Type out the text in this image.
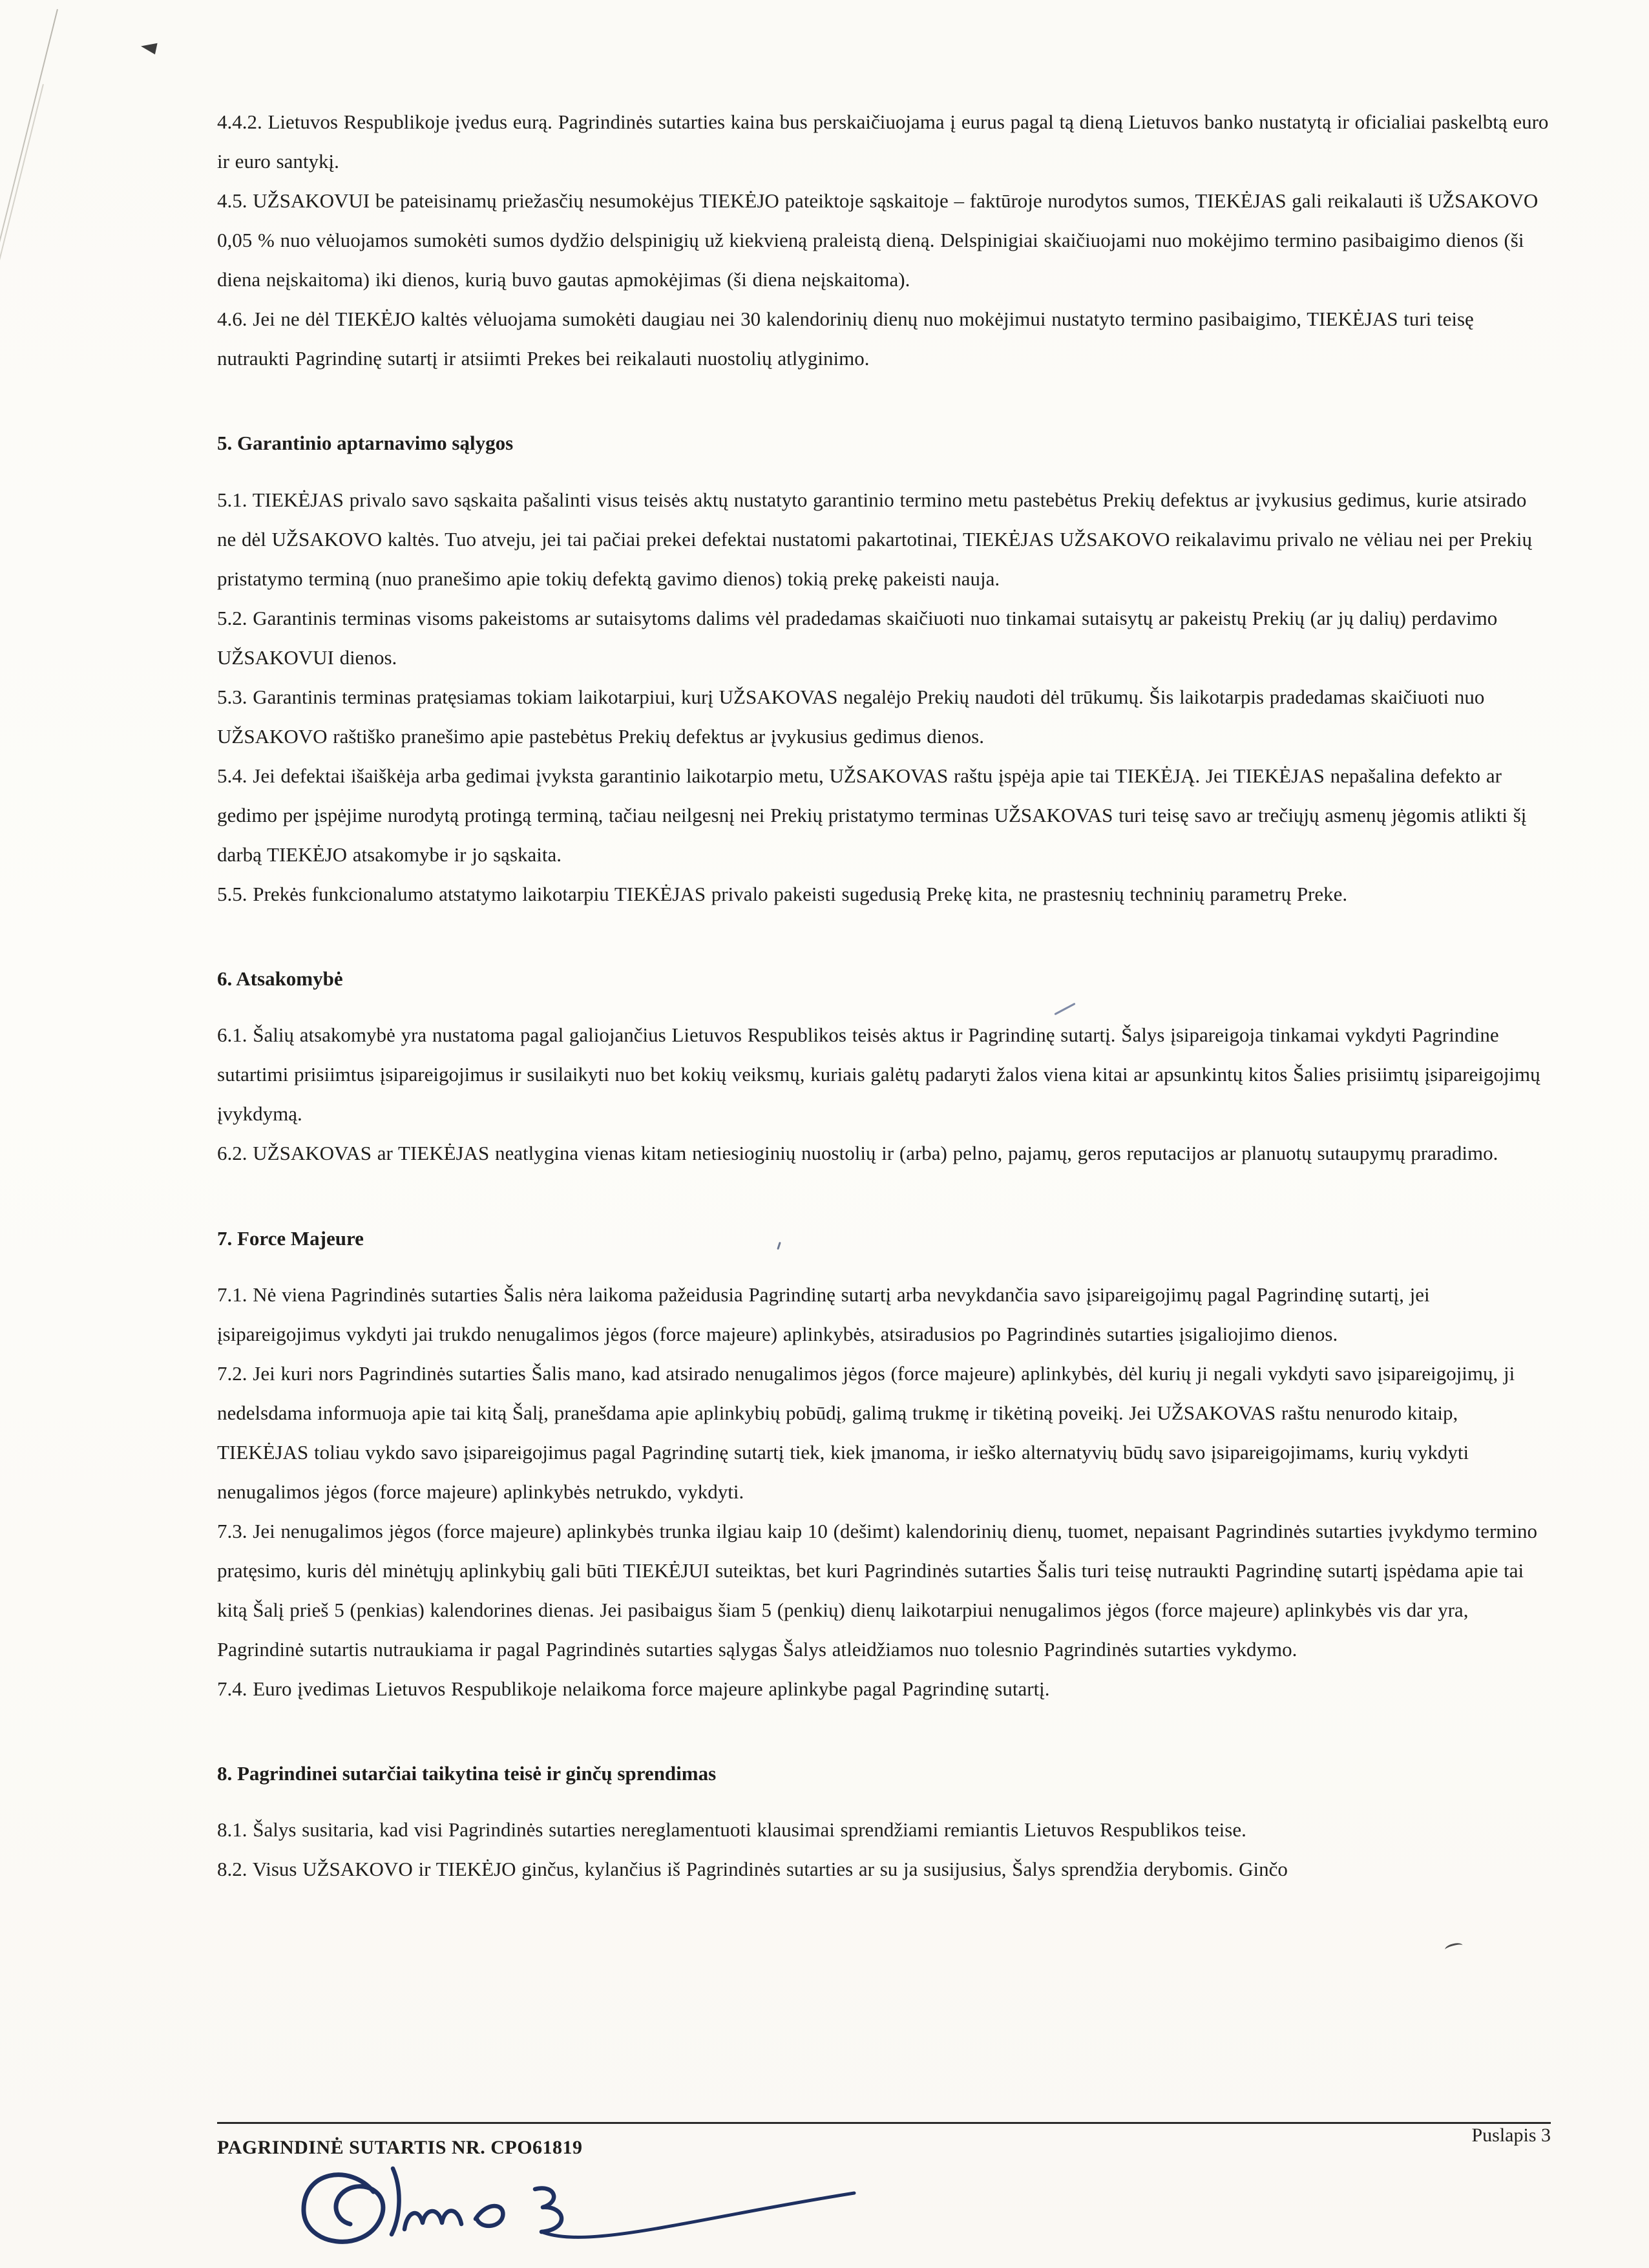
4.4.2. Lietuvos Respublikoje įvedus eurą. Pagrindinės sutarties kaina bus perskaičiuojama į eurus pagal tą dieną Lietuvos banko nustatytą ir oficialiai paskelbtą euro ir euro santykį.

4.5. UŽSAKOVUI be pateisinamų priežasčių nesumokėjus TIEKĖJO pateiktoje sąskaitoje – faktūroje nurodytos sumos, TIEKĖJAS gali reikalauti iš UŽSAKOVO 0,05 % nuo vėluojamos sumokėti sumos dydžio delspinigių už kiekvieną praleistą dieną. Delspinigiai skaičiuojami nuo mokėjimo termino pasibaigimo dienos (ši diena neįskaitoma) iki dienos, kurią buvo gautas apmokėjimas (ši diena neįskaitoma).

4.6. Jei ne dėl TIEKĖJO kaltės vėluojama sumokėti daugiau nei 30 kalendorinių dienų nuo mokėjimui nustatyto termino pasibaigimo, TIEKĖJAS turi teisę nutraukti Pagrindinę sutartį ir atsiimti Prekes bei reikalauti nuostolių atlyginimo.

5. Garantinio aptarnavimo sąlygos

5.1. TIEKĖJAS privalo savo sąskaita pašalinti visus teisės aktų nustatyto garantinio termino metu pastebėtus Prekių defektus ar įvykusius gedimus, kurie atsirado ne dėl UŽSAKOVO kaltės. Tuo atveju, jei tai pačiai prekei defektai nustatomi pakartotinai, TIEKĖJAS UŽSAKOVO reikalavimu privalo ne vėliau nei per Prekių pristatymo terminą (nuo pranešimo apie tokių defektą gavimo dienos) tokią prekę pakeisti nauja.

5.2. Garantinis terminas visoms pakeistoms ar sutaisytoms dalims vėl pradedamas skaičiuoti nuo tinkamai sutaisytų ar pakeistų Prekių (ar jų dalių) perdavimo UŽSAKOVUI dienos.

5.3. Garantinis terminas pratęsiamas tokiam laikotarpiui, kurį UŽSAKOVAS negalėjo Prekių naudoti dėl trūkumų. Šis laikotarpis pradedamas skaičiuoti nuo UŽSAKOVO raštiško pranešimo apie pastebėtus Prekių defektus ar įvykusius gedimus dienos.

5.4. Jei defektai išaiškėja arba gedimai įvyksta garantinio laikotarpio metu, UŽSAKOVAS raštu įspėja apie tai TIEKĖJĄ. Jei TIEKĖJAS nepašalina defekto ar gedimo per įspėjime nurodytą protingą terminą, tačiau neilgesnį nei Prekių pristatymo terminas UŽSAKOVAS turi teisę savo ar trečiųjų asmenų jėgomis atlikti šį darbą TIEKĖJO atsakomybe ir jo sąskaita.

5.5. Prekės funkcionalumo atstatymo laikotarpiu TIEKĖJAS privalo pakeisti sugedusią Prekę kita, ne prastesnių techninių parametrų Preke.

6. Atsakomybė

6.1. Šalių atsakomybė yra nustatoma pagal galiojančius Lietuvos Respublikos teisės aktus ir Pagrindinę sutartį. Šalys įsipareigoja tinkamai vykdyti Pagrindine sutartimi prisiimtus įsipareigojimus ir susilaikyti nuo bet kokių veiksmų, kuriais galėtų padaryti žalos viena kitai ar apsunkintų kitos Šalies prisiimtų įsipareigojimų įvykdymą.

6.2. UŽSAKOVAS ar TIEKĖJAS neatlygina vienas kitam netiesioginių nuostolių ir (arba) pelno, pajamų, geros reputacijos ar planuotų sutaupymų praradimo.

7. Force Majeure

7.1. Nė viena Pagrindinės sutarties Šalis nėra laikoma pažeidusia Pagrindinę sutartį arba nevykdančia savo įsipareigojimų pagal Pagrindinę sutartį, jei įsipareigojimus vykdyti jai trukdo nenugalimos jėgos (force majeure) aplinkybės, atsiradusios po Pagrindinės sutarties įsigaliojimo dienos.

7.2. Jei kuri nors Pagrindinės sutarties Šalis mano, kad atsirado nenugalimos jėgos (force majeure) aplinkybės, dėl kurių ji negali vykdyti savo įsipareigojimų, ji nedelsdama informuoja apie tai kitą Šalį, pranešdama apie aplinkybių pobūdį, galimą trukmę ir tikėtiną poveikį. Jei UŽSAKOVAS raštu nenurodo kitaip, TIEKĖJAS toliau vykdo savo įsipareigojimus pagal Pagrindinę sutartį tiek, kiek įmanoma, ir ieško alternatyvių būdų savo įsipareigojimams, kurių vykdyti nenugalimos jėgos (force majeure) aplinkybės netrukdo, vykdyti.

7.3. Jei nenugalimos jėgos (force majeure) aplinkybės trunka ilgiau kaip 10 (dešimt) kalendorinių dienų, tuomet, nepaisant Pagrindinės sutarties įvykdymo termino pratęsimo, kuris dėl minėtųjų aplinkybių gali būti TIEKĖJUI suteiktas, bet kuri Pagrindinės sutarties Šalis turi teisę nutraukti Pagrindinę sutartį įspėdama apie tai kitą Šalį prieš 5 (penkias) kalendorines dienas. Jei pasibaigus šiam 5 (penkių) dienų laikotarpiui nenugalimos jėgos (force majeure) aplinkybės vis dar yra, Pagrindinė sutartis nutraukiama ir pagal Pagrindinės sutarties sąlygas Šalys atleidžiamos nuo tolesnio Pagrindinės sutarties vykdymo.

7.4. Euro įvedimas Lietuvos Respublikoje nelaikoma force majeure aplinkybe pagal Pagrindinę sutartį.

8. Pagrindinei sutarčiai taikytina teisė ir ginčų sprendimas

8.1. Šalys susitaria, kad visi Pagrindinės sutarties nereglamentuoti klausimai sprendžiami remiantis Lietuvos Respublikos teise.

8.2. Visus UŽSAKOVO ir TIEKĖJO ginčus, kylančius iš Pagrindinės sutarties ar su ja susijusius, Šalys sprendžia derybomis. Ginčo

PAGRINDINĖ SUTARTIS NR. CPO61819
Puslapis 3
